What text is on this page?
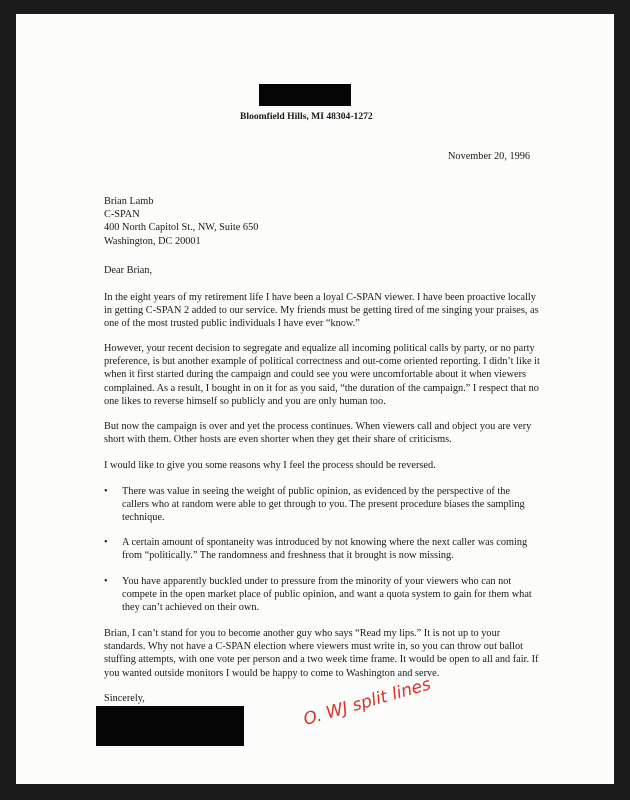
Bloomfield Hills, MI 48304-1272
November 20, 1996
Brian Lamb
C-SPAN
400 North Capitol St., NW, Suite 650
Washington, DC 20001
Dear Brian,

In the eight years of my retirement life I have been a loyal C-SPAN viewer. I have been proactive locally in getting C-SPAN 2 added to our service. My friends must be getting tired of me singing your praises, as one of the most trusted public individuals I have ever “know.”

However, your recent decision to segregate and equalize all incoming political calls by party, or no party preference, is but another example of political correctness and out-come oriented reporting. I didn’t like it when it first started during the campaign and could see you were uncomfortable about it when viewers complained. As a result, I bought in on it for as you said, “the duration of the campaign.” I respect that no one likes to reverse himself so publicly and you are only human too.

But now the campaign is over and yet the process continues. When viewers call and object you are very short with them. Other hosts are even shorter when they get their share of criticisms.

I would like to give you some reasons why I feel the process should be reversed.

• There was value in seeing the weight of public opinion, as evidenced by the perspective of the callers who at random were able to get through to you. The present procedure biases the sampling technique.
• A certain amount of spontaneity was introduced by not knowing where the next caller was coming from “politically.” The randomness and freshness that it brought is now missing.
• You have apparently buckled under to pressure from the minority of your viewers who can not compete in the open market place of public opinion, and want a quota system to gain for them what they can’t achieved on their own.

Brian, I can’t stand for you to become another guy who says “Read my lips.” It is not up to your standards. Why not have a C-SPAN election where viewers must write in, so you can throw out ballot stuffing attempts, with one vote per person and a two week time frame. It would be open to all and fair. If you wanted outside monitors I would be happy to come to Washington and serve.

Sincerely,	O. WJ split lines
